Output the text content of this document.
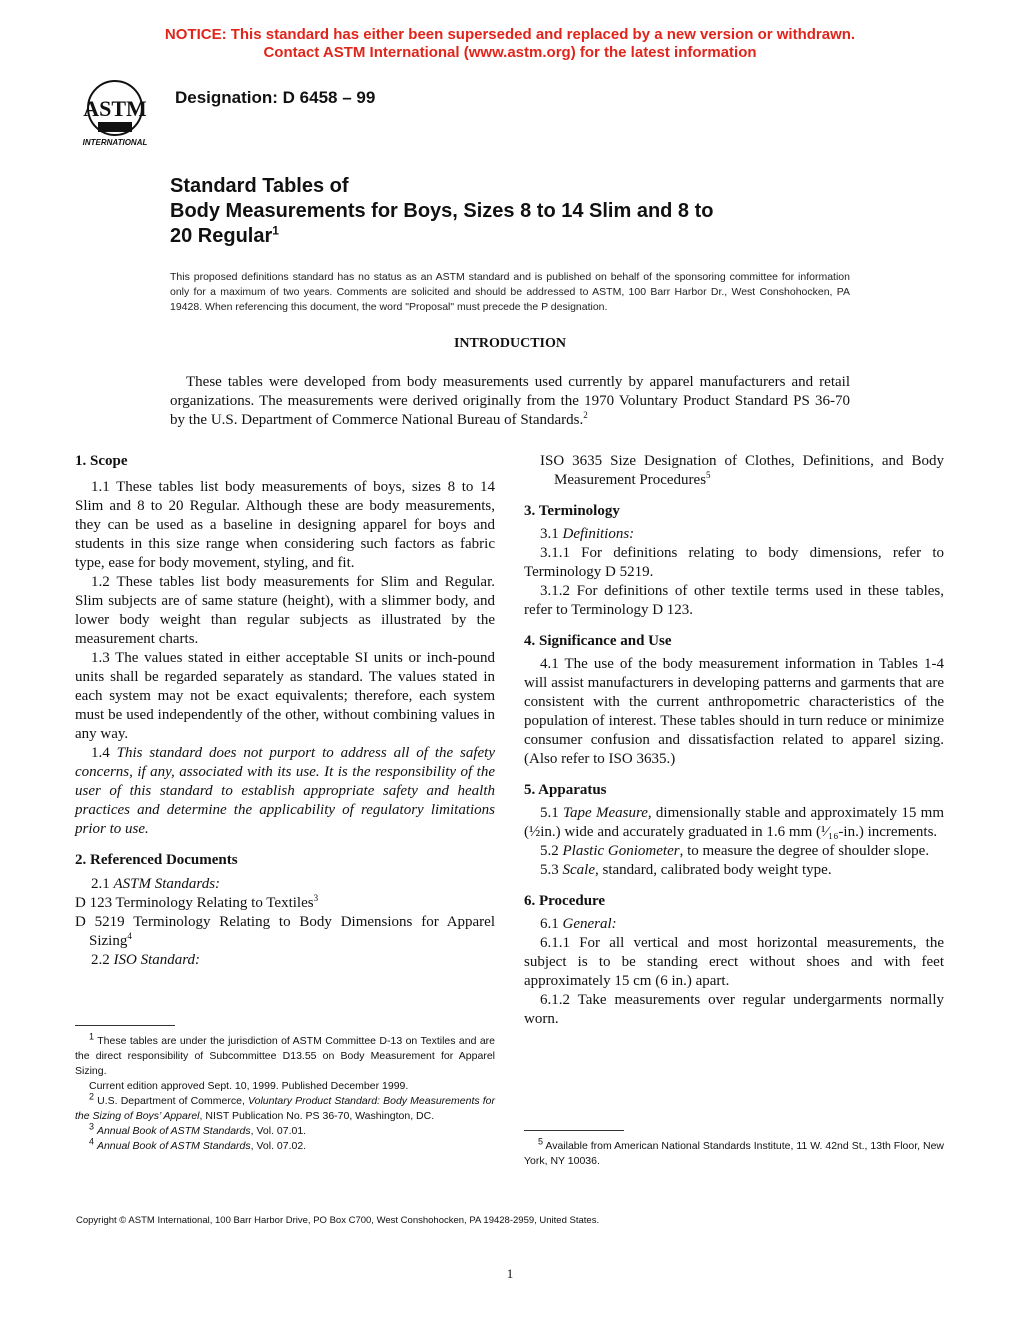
NOTICE: This standard has either been superseded and replaced by a new version or withdrawn.
Contact ASTM International (www.astm.org) for the latest information
ASTM
INTERNATIONAL
Designation: D 6458 – 99
Standard Tables of
Body Measurements for Boys, Sizes 8 to 14 Slim and 8 to
20 Regular$^1$
This proposed definitions standard has no status as an ASTM standard and is published on behalf of the sponsoring committee for information only for a maximum of two years. Comments are solicited and should be addressed to ASTM, 100 Barr Harbor Dr., West Conshohocken, PA 19428. When referencing this document, the word "Proposal" must precede the P designation.
INTRODUCTION
These tables were developed from body measurements used currently by apparel manufacturers and retail organizations. The measurements were derived originally from the 1970 Voluntary Product Standard PS 36-70 by the U.S. Department of Commerce National Bureau of Standards.$^2$
1. Scope

1.1 These tables list body measurements of boys, sizes 8 to 14 Slim and 8 to 20 Regular. Although these are body measurements, they can be used as a baseline in designing apparel for boys and students in this size range when considering such factors as fabric type, ease for body movement, styling, and fit.

1.2 These tables list body measurements for Slim and Regular. Slim subjects are of same stature (height), with a slimmer body, and lower body weight than regular subjects as illustrated by the measurement charts.

1.3 The values stated in either acceptable SI units or inch-pound units shall be regarded separately as standard. The values stated in each system may not be exact equivalents; therefore, each system must be used independently of the other, without combining values in any way.

1.4 This standard does not purport to address all of the safety concerns, if any, associated with its use. It is the responsibility of the user of this standard to establish appropriate safety and health practices and determine the applicability of regulatory limitations prior to use.

2. Referenced Documents

2.1 ASTM Standards:

D 123 Terminology Relating to Textiles$^3$

D 5219 Terminology Relating to Body Dimensions for Apparel Sizing$^4$

2.2 ISO Standard:

$^1$ These tables are under the jurisdiction of ASTM Committee D-13 on Textiles and are the direct responsibility of Subcommittee D13.55 on Body Measurement for Apparel Sizing.

Current edition approved Sept. 10, 1999. Published December 1999.

$^2$ U.S. Department of Commerce, Voluntary Product Standard: Body Measurements for the Sizing of Boys’ Apparel, NIST Publication No. PS 36-70, Washington, DC.

$^3$ Annual Book of ASTM Standards, Vol. 07.01.

$^4$ Annual Book of ASTM Standards, Vol. 07.02.

ISO 3635 Size Designation of Clothes, Definitions, and Body Measurement Procedures$^5$

3. Terminology

3.1 Definitions:

3.1.1 For definitions relating to body dimensions, refer to Terminology D 5219.

3.1.2 For definitions of other textile terms used in these tables, refer to Terminology D 123.

4. Significance and Use

4.1 The use of the body measurement information in Tables 1-4 will assist manufacturers in developing patterns and garments that are consistent with the current anthropometric characteristics of the population of interest. These tables should in turn reduce or minimize consumer confusion and dissatisfaction related to apparel sizing. (Also refer to ISO 3635.)

5. Apparatus

5.1 Tape Measure, dimensionally stable and approximately 15 mm (½in.) wide and accurately graduated in 1.6 mm (¹⁄₁₆-in.) increments.

5.2 Plastic Goniometer, to measure the degree of shoulder slope.

5.3 Scale, standard, calibrated body weight type.

6. Procedure

6.1 General:

6.1.1 For all vertical and most horizontal measurements, the subject is to be standing erect without shoes and with feet approximately 15 cm (6 in.) apart.

6.1.2 Take measurements over regular undergarments normally worn.

$^5$ Available from American National Standards Institute, 11 W. 42nd St., 13th Floor, New York, NY 10036.

Copyright © ASTM International, 100 Barr Harbor Drive, PO Box C700, West Conshohocken, PA 19428-2959, United States.
1
